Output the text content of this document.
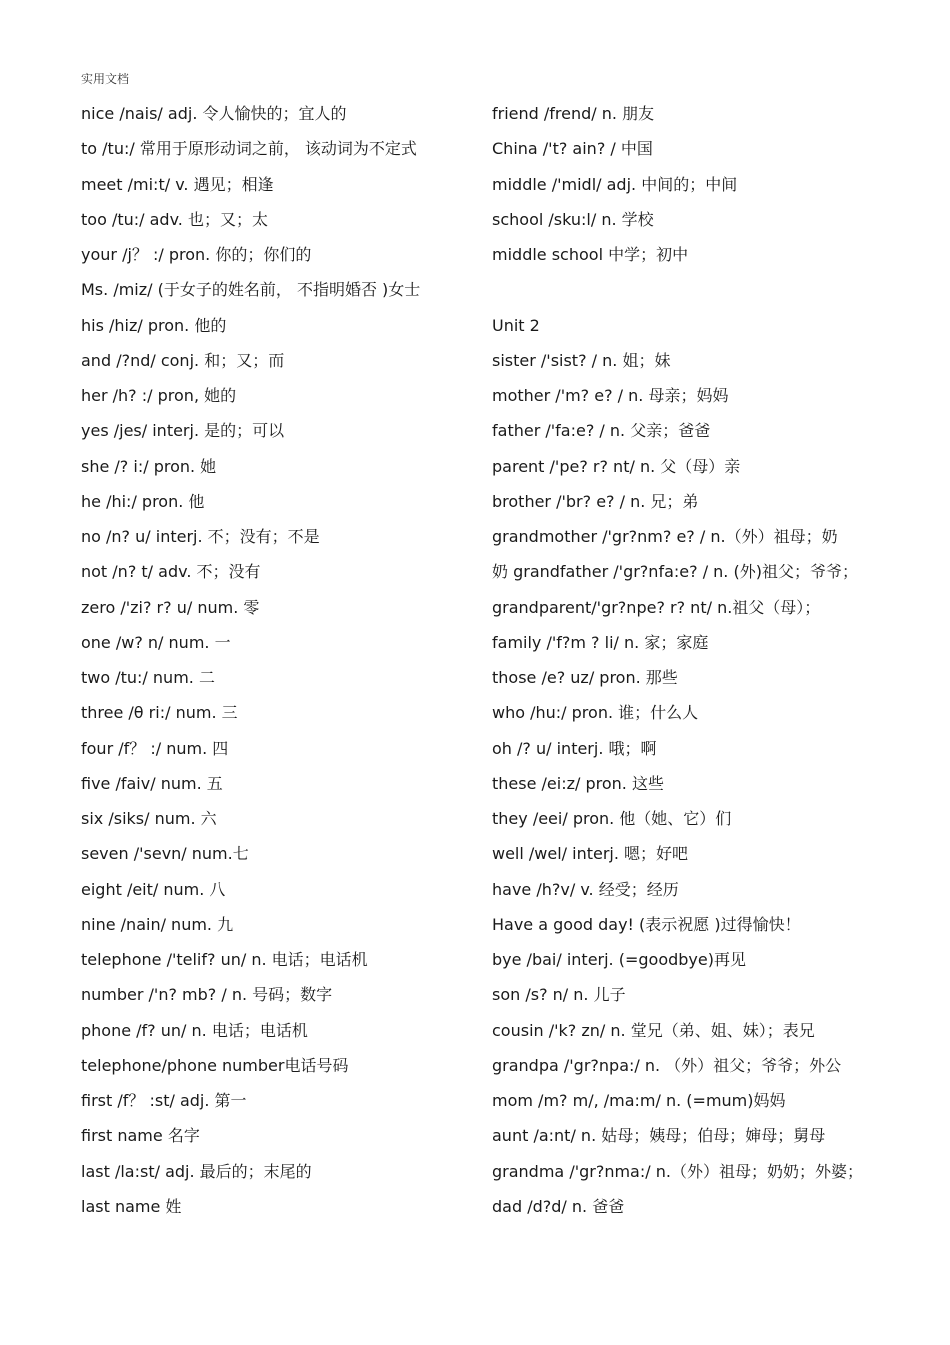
实用文档
nice /nais/ adj. 令人愉快的；宜人的
to /tu:/ 常用于原形动词之前， 该动词为不定式
meet /mi:t/ v. 遇见；相逢
too /tu:/ adv. 也；又；太
your /j？ :/ pron. 你的；你们的
Ms. /miz/ (于女子的姓名前， 不指明婚否 )女士
his /hiz/ pron. 他的
and /?nd/ conj. 和；又；而
her /h? :/ pron, 她的
yes /jes/ interj. 是的；可以
she /? i:/ pron. 她
he /hi:/ pron. 他
no /n? u/ interj. 不；没有；不是
not /n? t/ adv. 不；没有
zero /'zi? r? u/ num. 零
one /w? n/ num. 一
two /tu:/ num. 二
three /θ ri:/ num. 三
four /f？ :/ num. 四
five /faiv/ num. 五
six /siks/ num. 六
seven /'sevn/ num.七
eight /eit/ num. 八
nine /nain/ num. 九
telephone /'telif? un/ n. 电话；电话机
number /'n? mb? / n. 号码；数字
phone /f? un/ n. 电话；电话机
telephone/phone number电话号码
first /f？ :st/ adj. 第一
first name 名字
last /la:st/ adj. 最后的；末尾的
last name 姓
friend /frend/ n. 朋友
China /'t? ain? / 中国
middle /'midl/ adj. 中间的；中间
school /sku:l/ n. 学校
middle school 中学；初中
Unit 2
sister /'sist? / n. 姐；妹
mother /'m? e? / n. 母亲；妈妈
father /'fa:e? / n. 父亲；爸爸
parent /'pe? r? nt/ n. 父（母）亲
brother /'br? e? / n. 兄；弟
grandmother /'gr?nm? e? / n.（外）祖母；奶
奶 grandfather /'gr?nfa:e? / n. (外)祖父；爷爷；
grandparent/'gr?npe? r? nt/ n.祖父（母）；
family /'f?m ? li/ n. 家；家庭
those /e? uz/ pron. 那些
who /hu:/ pron. 谁；什么人
oh /? u/ interj. 哦；啊
these /ei:z/ pron. 这些
they /eei/ pron. 他（她、它）们
well /wel/ interj. 嗯；好吧
have /h?v/ v. 经受；经历
Have a good day! (表示祝愿 )过得愉快！
bye /bai/ interj. (=goodbye)再见
son /s? n/ n. 儿子
cousin /'k? zn/ n. 堂兄（弟、姐、妹）；表兄
grandpa /'gr?npa:/ n. （外）祖父；爷爷；外公
mom /m? m/, /ma:m/ n. (=mum)妈妈
aunt /a:nt/ n. 姑母；姨母；伯母；婶母；舅母
grandma /'gr?nma:/ n.（外）祖母；奶奶；外婆；
dad /d?d/ n. 爸爸
